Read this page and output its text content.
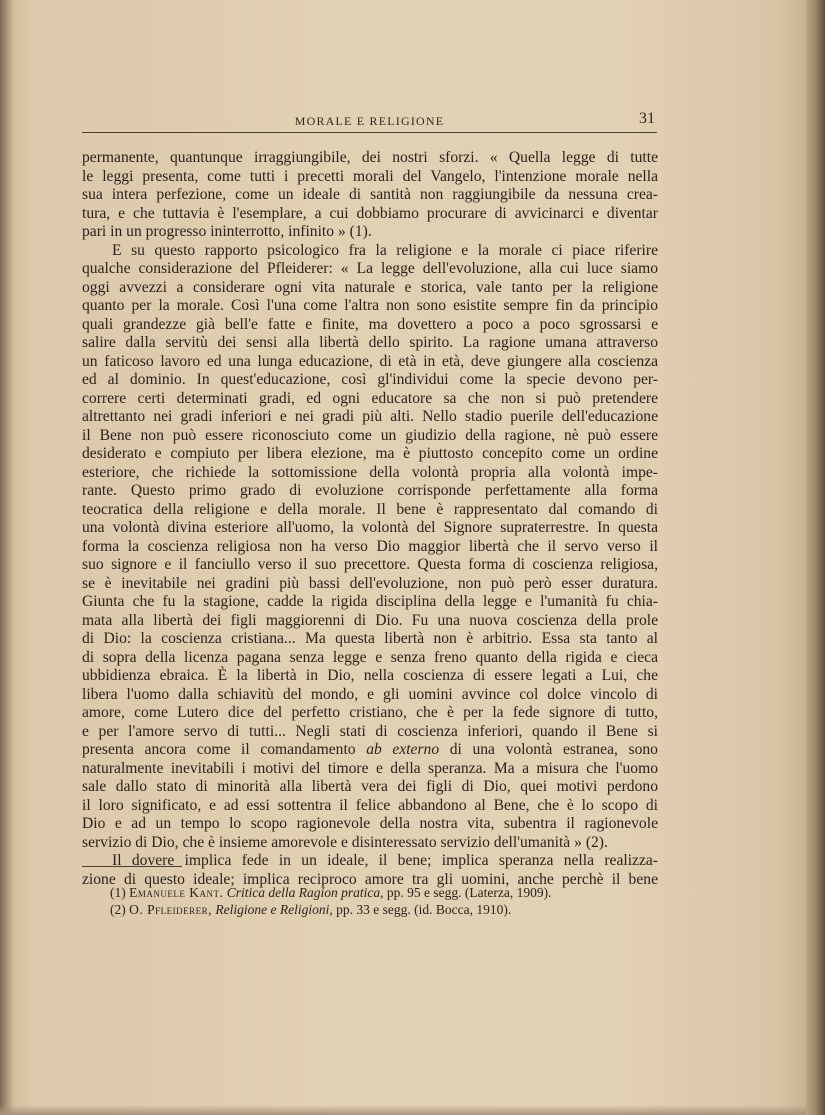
MORALE E RELIGIONE	31
permanente, quantunque irraggiungibile, dei nostri sforzi. « Quella legge di tutte
le leggi presenta, come tutti i precetti morali del Vangelo, l'intenzione morale nella
sua intera perfezione, come un ideale di santità non raggiungibile da nessuna crea-
tura, e che tuttavia è l'esemplare, a cui dobbiamo procurare di avvicinarci e diventar
pari in un progresso ininterrotto, infinito » (1).
E su questo rapporto psicologico fra la religione e la morale ci piace riferire
qualche considerazione del Pfleiderer: « La legge dell'evoluzione, alla cui luce siamo
oggi avvezzi a considerare ogni vita naturale e storica, vale tanto per la religione
quanto per la morale. Così l'una come l'altra non sono esistite sempre fin da principio
quali grandezze già bell'e fatte e finite, ma dovettero a poco a poco sgrossarsi e
salire dalla servitù dei sensi alla libertà dello spirito. La ragione umana attraverso
un faticoso lavoro ed una lunga educazione, di età in età, deve giungere alla coscienza
ed al dominio. In quest'educazione, così gl'individui come la specie devono per-
correre certi determinati gradi, ed ogni educatore sa che non si può pretendere
altrettanto nei gradi inferiori e nei gradi più alti. Nello stadio puerile dell'educazione
il Bene non può essere riconosciuto come un giudizio della ragione, nè può essere
desiderato e compiuto per libera elezione, ma è piuttosto concepito come un ordine
esteriore, che richiede la sottomissione della volontà propria alla volontà impe-
rante. Questo primo grado di evoluzione corrisponde perfettamente alla forma
teocratica della religione e della morale. Il bene è rappresentato dal comando di
una volontà divina esteriore all'uomo, la volontà del Signore supraterrestre. In questa
forma la coscienza religiosa non ha verso Dio maggior libertà che il servo verso il
suo signore e il fanciullo verso il suo precettore. Questa forma di coscienza religiosa,
se è inevitabile nei gradini più bassi dell'evoluzione, non può però esser duratura.
Giunta che fu la stagione, cadde la rigida disciplina della legge e l'umanità fu chia-
mata alla libertà dei figli maggiorenni di Dio. Fu una nuova coscienza della prole
di Dio: la coscienza cristiana... Ma questa libertà non è arbitrio. Essa sta tanto al
di sopra della licenza pagana senza legge e senza freno quanto della rigida e cieca
ubbidienza ebraica. È la libertà in Dio, nella coscienza di essere legati a Lui, che
libera l'uomo dalla schiavitù del mondo, e gli uomini avvince col dolce vincolo di
amore, come Lutero dice del perfetto cristiano, che è per la fede signore di tutto,
e per l'amore servo di tutti... Negli stati di coscienza inferiori, quando il Bene si
presenta ancora come il comandamento ab externo di una volontà estranea, sono
naturalmente inevitabili i motivi del timore e della speranza. Ma a misura che l'uomo
sale dallo stato di minorità alla libertà vera dei figli di Dio, quei motivi perdono
il loro significato, e ad essi sottentra il felice abbandono al Bene, che è lo scopo di
Dio e ad un tempo lo scopo ragionevole della nostra vita, subentra il ragionevole
servizio di Dio, che è insieme amorevole e disinteressato servizio dell'umanità » (2).
Il dovere implica fede in un ideale, il bene; implica speranza nella realizza-
zione di questo ideale; implica reciproco amore tra gli uomini, anche perchè il bene
(1) Emanuele Kant. Critica della Ragion pratica, pp. 95 e segg. (Laterza, 1909).
(2) O. Pfleiderer, Religione e Religioni, pp. 33 e segg. (id. Bocca, 1910).
